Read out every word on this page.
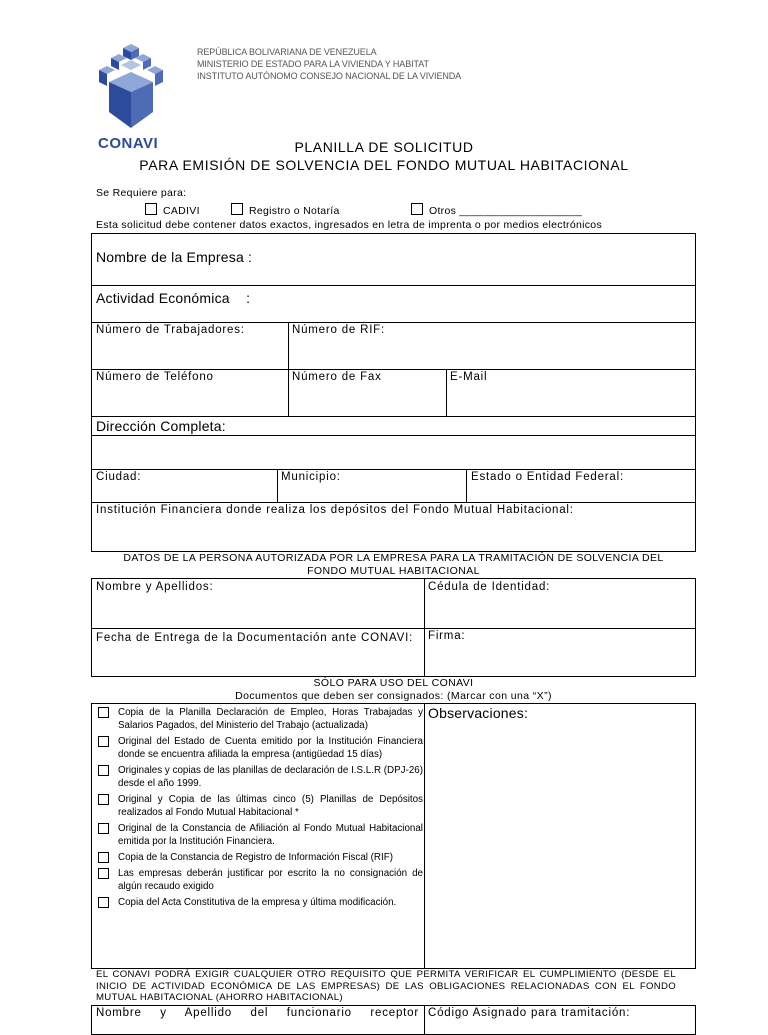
CONAVI
REPÚBLICA BOLIVARIANA DE VENEZUELA
MINISTERIO DE ESTADO PARA LA VIVIENDA Y HABITAT
INSTITUTO AUTÓNOMO CONSEJO NACIONAL DE LA VIVIENDA
PLANILLA DE SOLICITUD
PARA EMISIÓN DE SOLVENCIA DEL FONDO MUTUAL HABITACIONAL
Se Requiere para:
CADIVI	Registro o Notaría	Otros ____________________
Esta solicitud debe contener datos exactos, ingresados en letra de imprenta o por medios electrónicos
Nombre de la Empresa :
Actividad Económica    :
Número de Trabajadores:	Número de RIF:
Número de Teléfono	Número de Fax	E-Mail
Dirección Completa:
Ciudad:	Municipio:	Estado o Entidad Federal:
Institución Financiera donde realiza los depósitos del Fondo Mutual Habitacional:
DATOS DE LA PERSONA AUTORIZADA POR LA EMPRESA PARA LA TRAMITACIÓN DE SOLVENCIA DEL
FONDO MUTUAL HABITACIONAL
Nombre y Apellidos:	Cédula de Identidad:
Fecha de Entrega de la Documentación ante CONAVI:	Firma:
SÓLO PARA USO DEL CONAVI
Documentos que deben ser consignados: (Marcar con una “X”)
Observaciones:
Copia de la Planilla Declaración de Empleo, Horas Trabajadas y Salarios Pagados, del Ministerio del Trabajo (actualizada)
Original del Estado de Cuenta emitido por la Institución Financiera donde se encuentra afiliada la empresa (antigüedad 15 días)
Originales y copias de las planillas de declaración de I.S.L.R (DPJ-26) desde el año 1999.
Original y Copia de las últimas cinco (5) Planillas de Depósitos realizados al Fondo Mutual Habitacional *
Original de la Constancia de Afiliación al Fondo Mutual Habitacional emitida por la Institución Financiera.
Copia de la Constancia de Registro de Información Fiscal (RIF)
Las empresas deberán justificar por escrito la no consignación de algún recaudo exigido
Copia del Acta Constitutiva de la empresa y última modificación.
EL CONAVI PODRÁ EXIGIR CUALQUIER OTRO REQUISITO QUE PERMITA VERIFICAR EL CUMPLIMIENTO (DESDE EL INICIO DE ACTIVIDAD ECONÓMICA DE LAS EMPRESAS) DE LAS OBLIGACIONES RELACIONADAS CON EL FONDO MUTUAL HABITACIONAL (AHORRO HABITACIONAL)
Nombre y Apellido del funcionario receptor Código Asignado para tramitación:
